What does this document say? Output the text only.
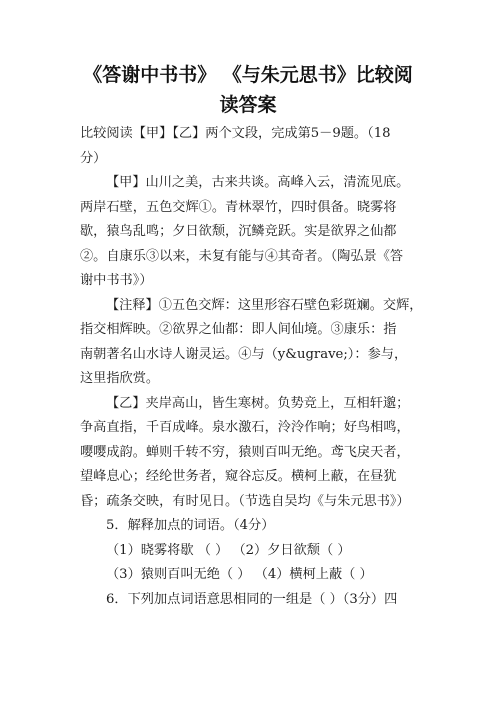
《答谢中书书》 《与朱元思书》比较阅
读答案
比较阅读【甲】【乙】两个文段，完成第5－9题。（18
分）
【甲】山川之美，古来共谈。高峰入云，清流见底。
两岸石壁，五色交辉①。青林翠竹，四时俱备。晓雾将
歇，猿鸟乱鸣；夕日欲颓，沉鳞竞跃。实是欲界之仙都
②。自康乐③以来，未复有能与④其奇者。（陶弘景《答
谢中书书》）
【注释】①五色交辉：这里形容石壁色彩斑斓。交辉，
指交相辉映。②欲界之仙都：即人间仙境。③康乐：指
南朝著名山水诗人谢灵运。④与（y&ugrave;）：参与，
这里指欣赏。
【乙】夹岸高山，皆生寒树。负势竞上，互相轩邈；
争高直指，千百成峰。泉水激石，泠泠作响；好鸟相鸣，
嘤嘤成韵。蝉则千转不穷，猿则百叫无绝。鸢飞戾天者，
望峰息心；经纶世务者，窥谷忘反。横柯上蔽，在昼犹
昏；疏条交映，有时见日。（节选自吴均《与朱元思书》）
5．解释加点的词语。（4分）
（1）晓雾将歇 （ ） （2）夕日欲颓（ ）
（3）猿则百叫无绝（ ） （4）横柯上蔽（ ）
6．下列加点词语意思相同的一组是（ ）（3分）四
